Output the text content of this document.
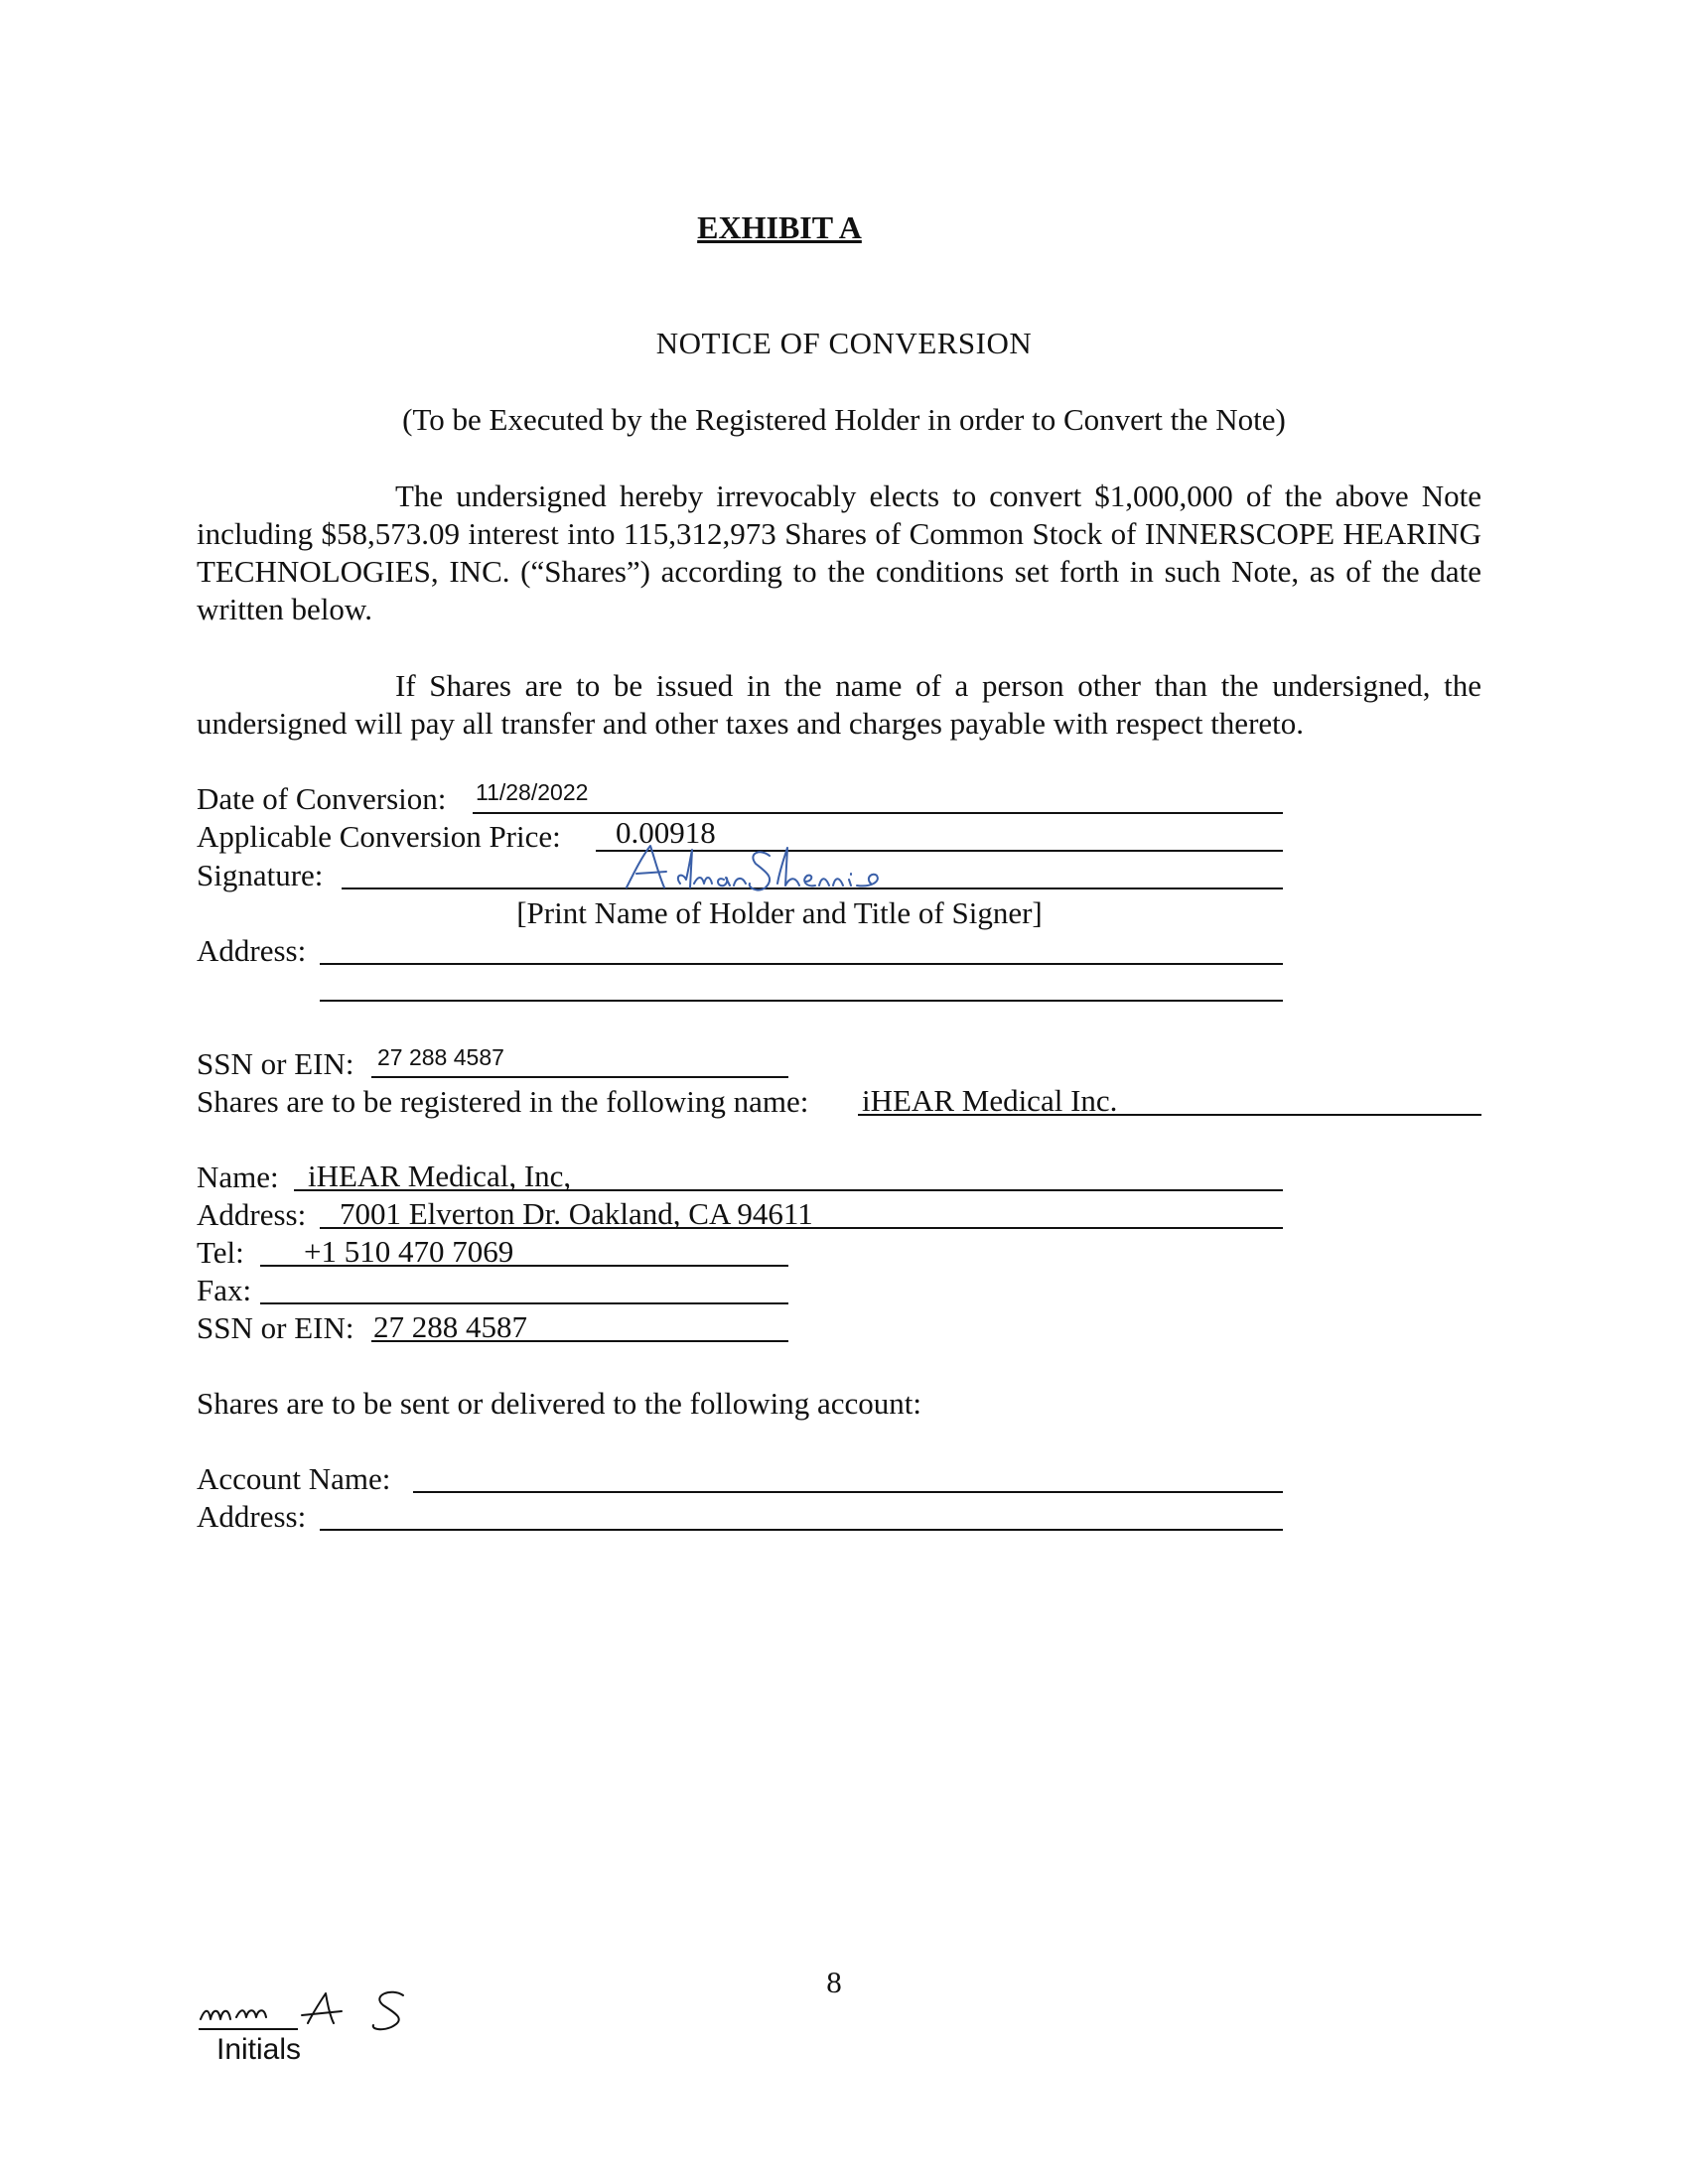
EXHIBIT A
NOTICE OF CONVERSION
(To be Executed by the Registered Holder in order to Convert the Note)
The undersigned hereby irrevocably elects to convert $1,000,000 of the above Note including $58,573.09 interest into 115,312,973 Shares of Common Stock of INNERSCOPE HEARING TECHNOLOGIES, INC. (“Shares”) according to the conditions set forth in such Note, as of the date written below.
If Shares are to be issued in the name of a person other than the undersigned, the undersigned will pay all transfer and other taxes and charges payable with respect thereto.
Date of Conversion: 11/28/2022
Applicable Conversion Price: 0.00918
Signature:
[Print Name of Holder and Title of Signer]
Address:
SSN or EIN: 27 288 4587
Shares are to be registered in the following name: iHEAR Medical Inc.
Name: iHEAR Medical, Inc,
Address: 7001 Elverton Dr. Oakland, CA 94611
Tel: +1 510 470 7069
Fax:
SSN or EIN: 27 288 4587
Shares are to be sent or delivered to the following account:
Account Name:
Address:
8
Initials
